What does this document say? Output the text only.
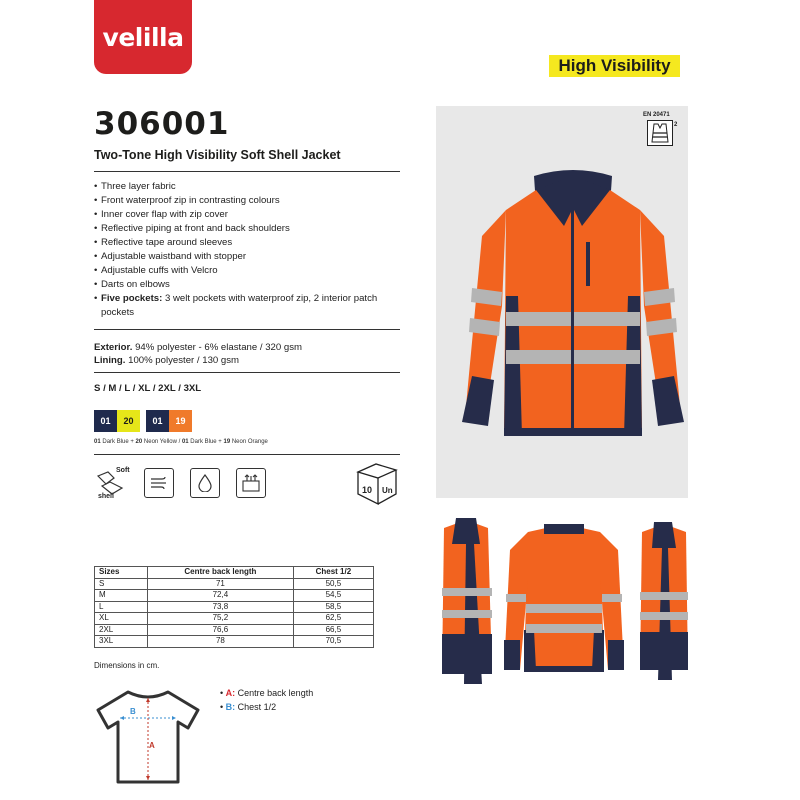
velilla
High Visibility
306001
Two-Tone High Visibility Soft Shell Jacket
• Three layer fabric
• Front waterproof zip in contrasting colours
• Inner cover flap with zip cover
• Reflective piping at front and back shoulders
• Reflective tape around sleeves
• Adjustable waistband with stopper
• Adjustable cuffs with Velcro
• Darts on elbows
• Five pockets: 3 welt pockets with waterproof zip, 2 interior patch pockets
Exterior. 94% polyester - 6% elastane / 320 gsm
Lining. 100% polyester / 130 gsm
S / M / L / XL / 2XL / 3XL
01	20	01	19
01 Dark Blue + 20 Neon Yellow / 01 Dark Blue + 19 Neon Orange
Soft
shell
10 Un
EN 20471
2
Sizes	Centre back length	Chest 1/2
S	71	50,5
M	72,4	54,5
L	73,8	58,5
XL	75,2	62,5
2XL	76,6	66,5
3XL	78	70,5
Dimensions in cm.
B
A
• A: Centre back length
• B: Chest 1/2
